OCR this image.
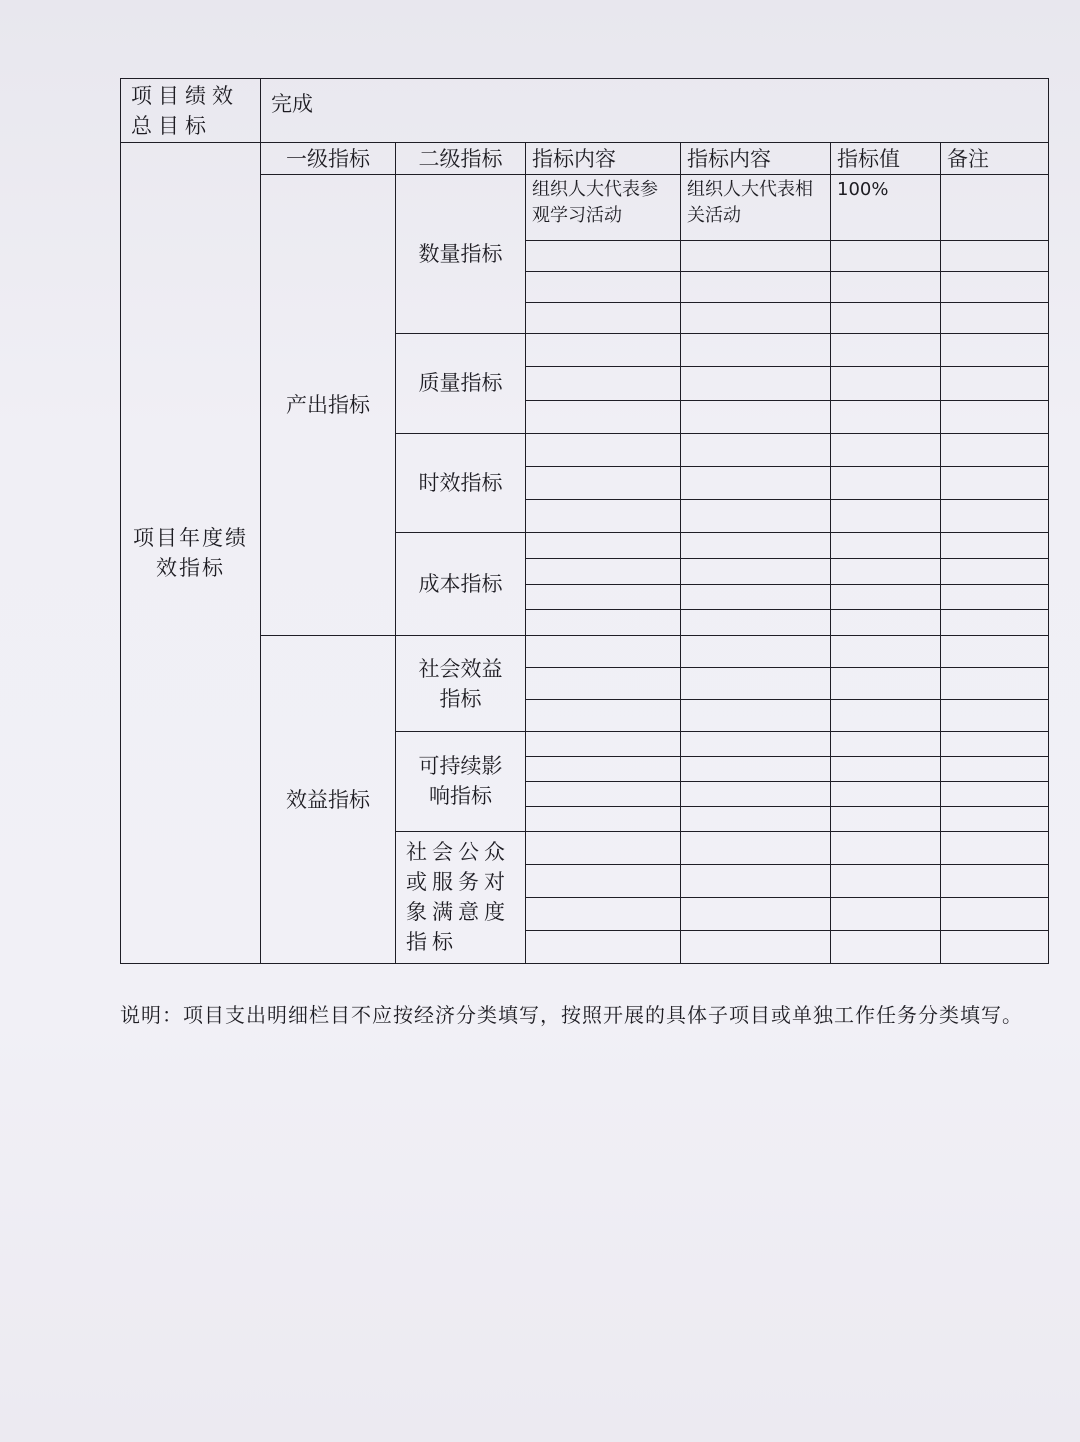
项目绩效总目标	完成					
项目年度绩效指标	一级指标	二级指标	指标内容	指标内容	指标值	备注
	产出指标	数量指标	组织人大代表参观学习活动	组织人大代表相关活动	100%	

		质量指标				

		时效指标				

		成本指标				

	效益指标	社会效益指标				

		可持续影响指标				

		社会公众或服务对象满意度指标				

说明：项目支出明细栏目不应按经济分类填写，按照开展的具体子项目或单独工作任务分类填写。
